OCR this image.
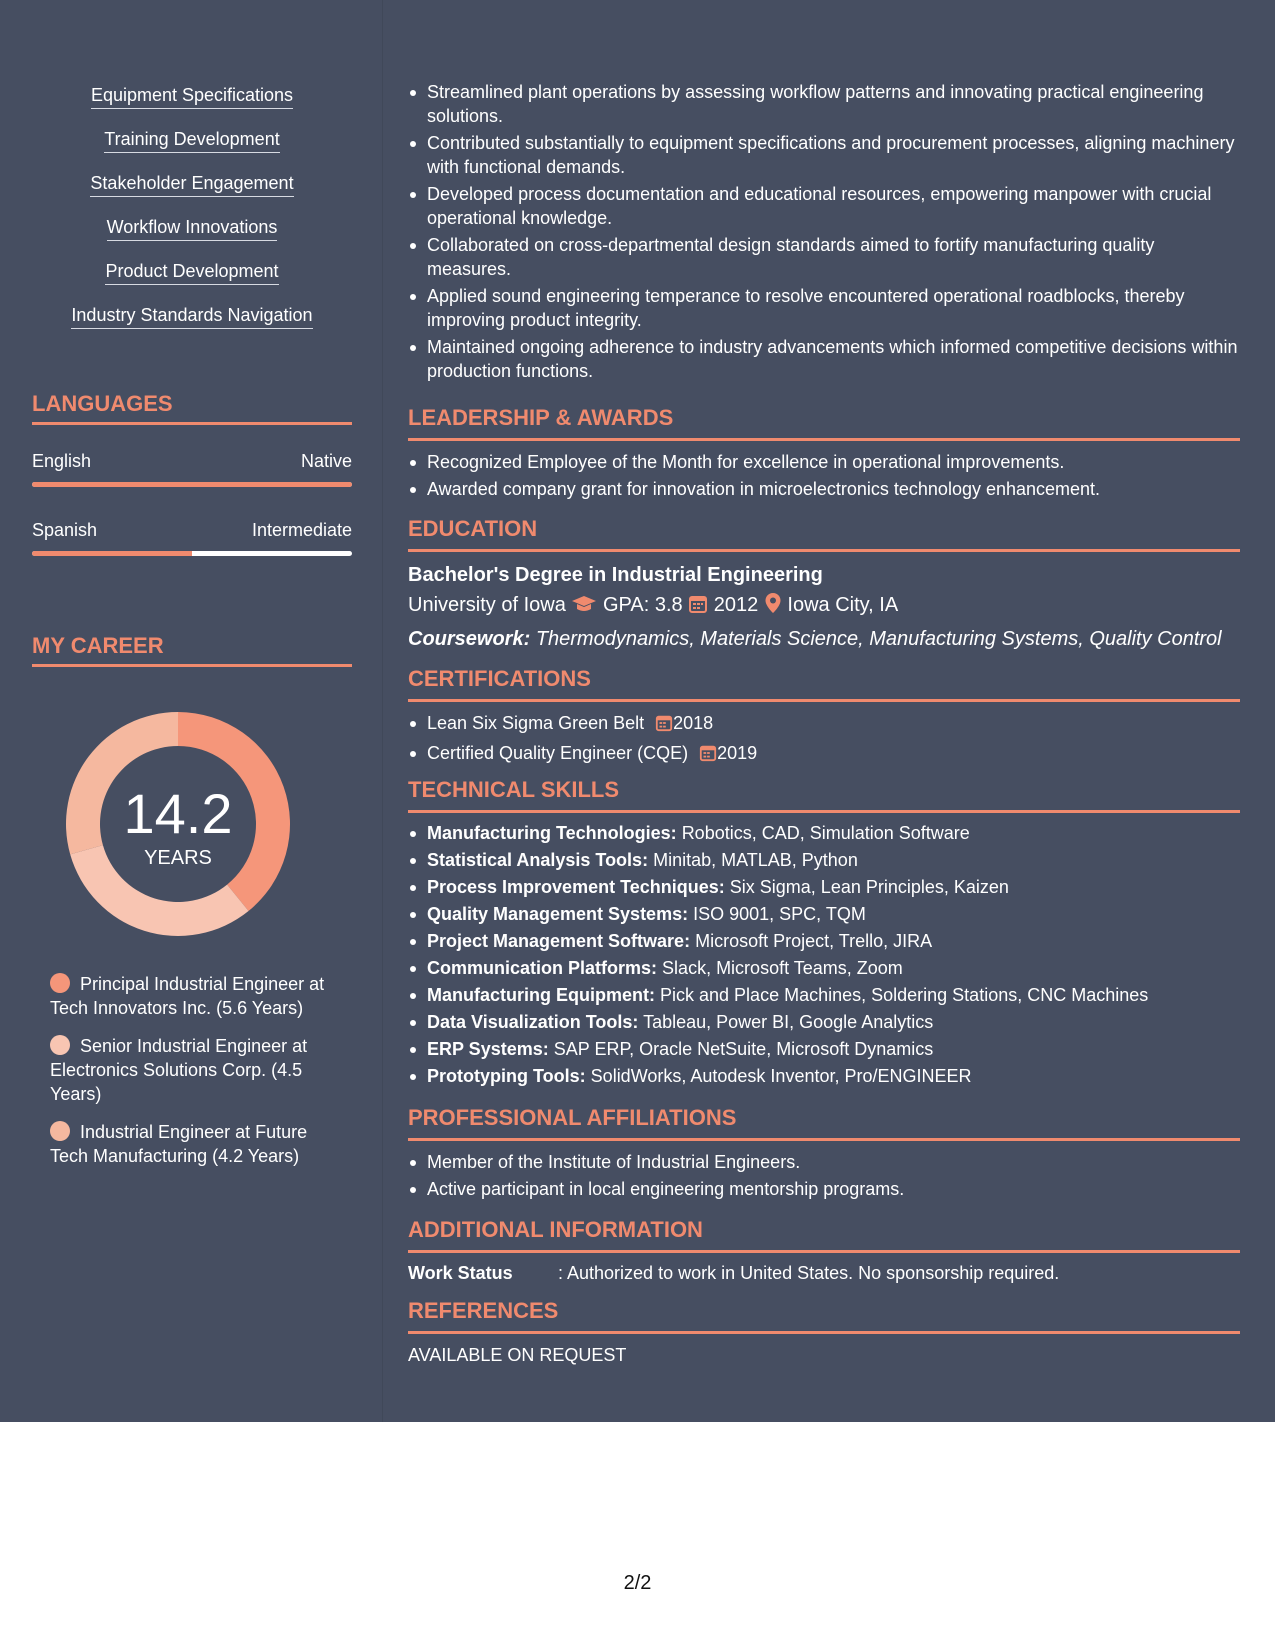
Equipment Specifications
Training Development
Stakeholder Engagement
Workflow Innovations
Product Development
Industry Standards Navigation
LANGUAGES
English	Native
Spanish	Intermediate
MY CAREER
14.2
YEARS
Principal Industrial Engineer at Tech Innovators Inc. (5.6 Years)
Senior Industrial Engineer at Electronics Solutions Corp. (4.5 Years)
Industrial Engineer at Future Tech Manufacturing (4.2 Years)
Streamlined plant operations by assessing workflow patterns and innovating practical engineering solutions.
Contributed substantially to equipment specifications and procurement processes, aligning machinery with functional demands.
Developed process documentation and educational resources, empowering manpower with crucial operational knowledge.
Collaborated on cross-departmental design standards aimed to fortify manufacturing quality measures.
Applied sound engineering temperance to resolve encountered operational roadblocks, thereby improving product integrity.
Maintained ongoing adherence to industry advancements which informed competitive decisions within production functions.
LEADERSHIP & AWARDS
Recognized Employee of the Month for excellence in operational improvements.
Awarded company grant for innovation in microelectronics technology enhancement.
EDUCATION
Bachelor's Degree in Industrial Engineering
University of Iowa GPA: 3.8 2012 Iowa City, IA
Coursework: Thermodynamics, Materials Science, Manufacturing Systems, Quality Control
CERTIFICATIONS
Lean Six Sigma Green Belt 2018
Certified Quality Engineer (CQE) 2019
TECHNICAL SKILLS
Manufacturing Technologies: Robotics, CAD, Simulation Software
Statistical Analysis Tools: Minitab, MATLAB, Python
Process Improvement Techniques: Six Sigma, Lean Principles, Kaizen
Quality Management Systems: ISO 9001, SPC, TQM
Project Management Software: Microsoft Project, Trello, JIRA
Communication Platforms: Slack, Microsoft Teams, Zoom
Manufacturing Equipment: Pick and Place Machines, Soldering Stations, CNC Machines
Data Visualization Tools: Tableau, Power BI, Google Analytics
ERP Systems: SAP ERP, Oracle NetSuite, Microsoft Dynamics
Prototyping Tools: SolidWorks, Autodesk Inventor, Pro/ENGINEER
PROFESSIONAL AFFILIATIONS
Member of the Institute of Industrial Engineers.
Active participant in local engineering mentorship programs.
ADDITIONAL INFORMATION
Work Status	: Authorized to work in United States. No sponsorship required.
REFERENCES
AVAILABLE ON REQUEST
2/2
